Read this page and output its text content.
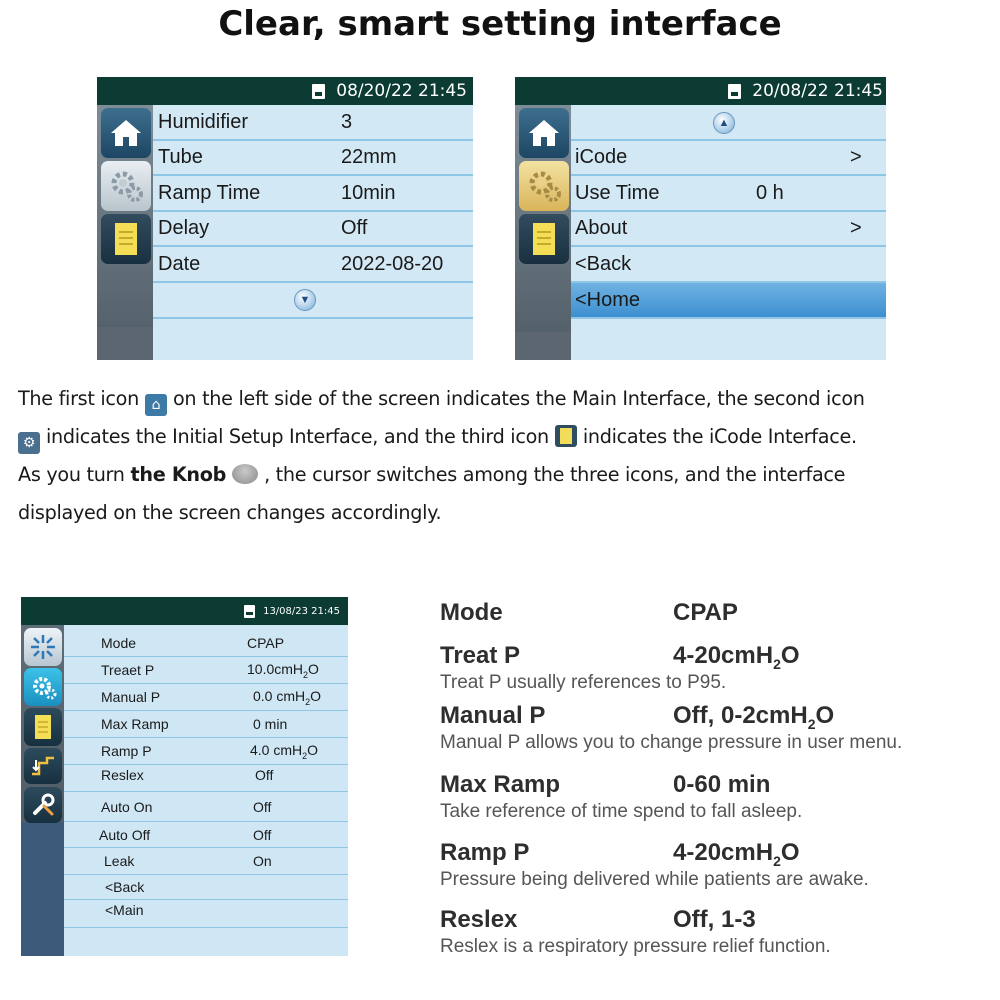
Clear, smart setting interface
08/20/22 21:45
Humidifier	3
Tube	22mm
Ramp Time	10min
Delay	Off
Date	2022-08-20
▼
20/08/22 21:45
▲
iCode	>
Use Time	0 h
About	>
<Back
<Home
The first icon ⌂ on the left side of the screen indicates the Main Interface, the second icon
⚙ indicates the Initial Setup Interface, and the third icon indicates the iCode Interface.
As you turn the Knob , the cursor switches among the three icons, and the interface
displayed on the screen changes accordingly.
13/08/23 21:45
Mode	CPAP
Treaet P	10.0cmH$_2$O
Manual P	0.0 cmH$_2$O
Max Ramp	0 min
Ramp P	4.0 cmH$_2$O
Reslex	Off
Auto On	Off
Auto Off	Off
Leak	On
<Back
<Main
Mode	CPAP
Treat P	4-20cmH$_2$O
Treat P usually references to P95.
Manual P	Off, 0-2cmH$_2$O
Manual P allows you to change pressure in user menu.
Max Ramp	0-60 min
Take reference of time spend to fall asleep.
Ramp P	4-20cmH$_2$O
Pressure being delivered while patients are awake.
Reslex	Off, 1-3
Reslex is a respiratory pressure relief function.
